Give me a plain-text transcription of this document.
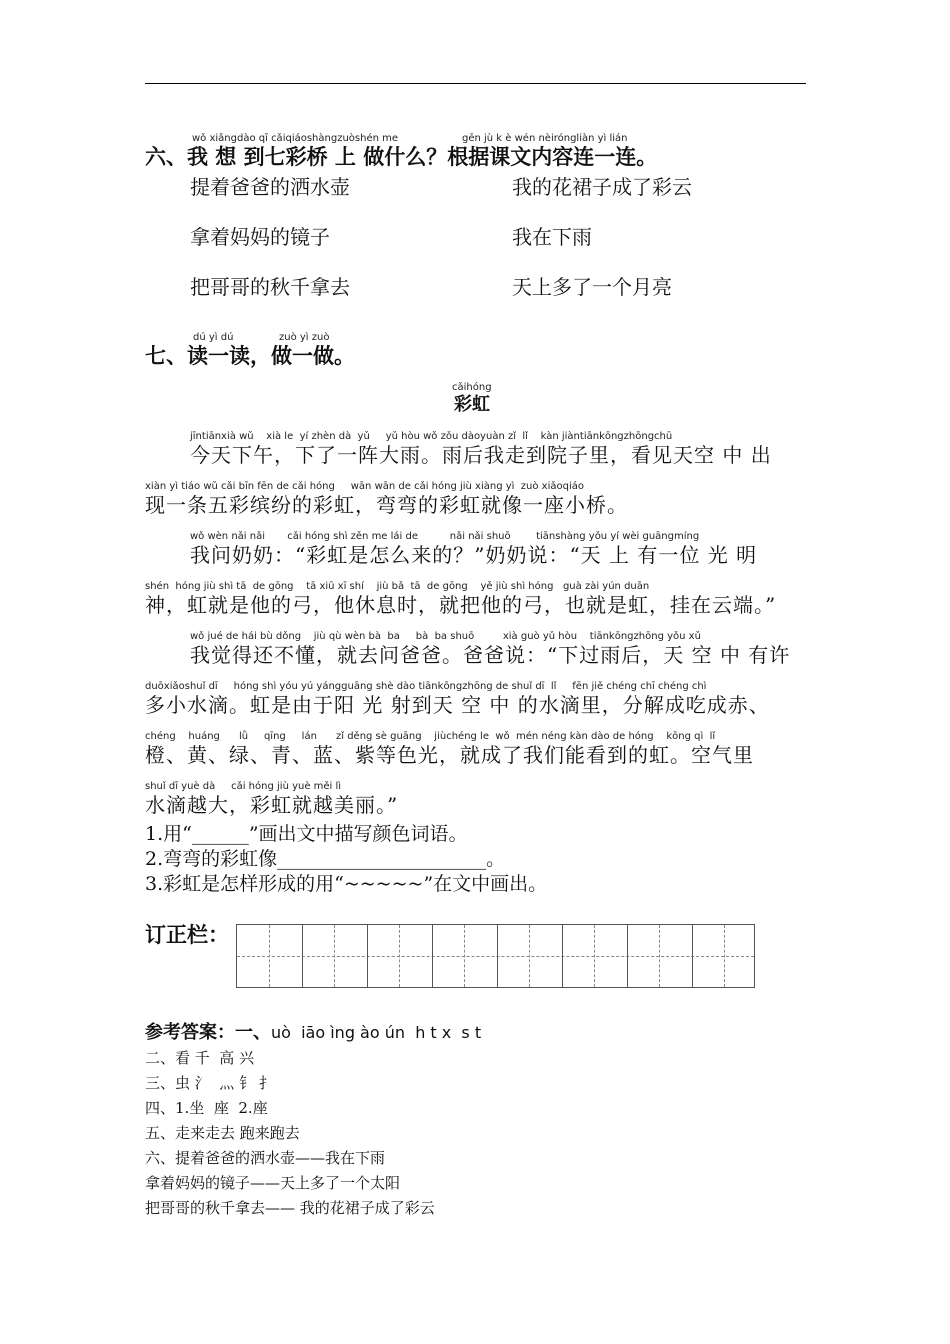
wǒ xiǎngdào qī cǎiqiáoshàngzuòshén me	gēn jù k è wén nèiróngliàn yì lián
六、我 想 到七彩桥 上 做什么？根据课文内容连一连。
提着爸爸的洒水壶
拿着妈妈的镜子
把哥哥的秋千拿去
我的花裙子成了彩云
我在下雨
天上多了一个月亮
dú yì dú	zuò yì zuò
七、读一读，做一做。
cǎihóng
彩虹
jīntiānxià wǔ    xià le  yí zhèn dà  yǔ     yǔ hòu wǒ zǒu dàoyuàn zǐ  lǐ    kàn jiàntiānkōngzhōngchū
今天下午，下了一阵大雨。雨后我走到院子里，看见天空 中 出
xiàn yì tiáo wǔ cǎi bīn fēn de cǎi hóng     wān wān de cǎi hóng jiù xiàng yì  zuò xiǎoqiáo
现一条五彩缤纷的彩虹，弯弯的彩虹就像一座小桥。
wǒ wèn nǎi nǎi       cǎi hóng shì zěn me lái de          nǎi nǎi shuō        tiānshàng yǒu yí wèi guāngmíng
我问奶奶：“彩虹是怎么来的？”奶奶说：“天 上 有一位 光 明
shén  hóng jiù shì tā  de gōng    tā xiū xī shí    jiù bǎ  tā  de gōng    yě jiù shì hóng   guà zài yún duān
神，虹就是他的弓，他休息时，就把他的弓，也就是虹，挂在云端。”
wǒ jué de hái bù dǒng    jiù qù wèn bà  ba     bà  ba shuō         xià guò yǔ hòu    tiānkōngzhōng yǒu xǔ
我觉得还不懂，就去问爸爸。爸爸说：“下过雨后，天 空 中 有许
duōxiǎoshuǐ dī     hóng shì yóu yú yángguāng shè dào tiānkōngzhōng de shuǐ dī  lǐ     fēn jiě chéng chī chéng chì
多小水滴。虹是由于阳 光 射到天 空 中 的水滴里，分解成吃成赤、
chéng    huáng      lǜ     qīng     lán      zǐ děng sè guāng    jiùchéng le  wǒ  mén néng kàn dào de hóng    kōng qì  lǐ
橙、黄、绿、青、蓝、紫等色光，就成了我们能看到的虹。空气里
shuǐ dī yuè dà     cǎi hóng jiù yuè měi lì
水滴越大，彩虹就越美丽。”
1.用“______”画出文中描写颜色词语。
2.弯弯的彩虹像______________________。
3.彩虹是怎样形成的用“~~~~~”在文中画出。
订正栏：
参考答案：一、uò  iāo ìng ào ún  h t x  s t
二、看 千  高 兴
三、虫 氵  灬 钅 扌
四、1.坐  座  2.座
五、走来走去 跑来跑去
六、提着爸爸的洒水壶——我在下雨
拿着妈妈的镜子——天上多了一个太阳
把哥哥的秋千拿去—— 我的花裙子成了彩云
